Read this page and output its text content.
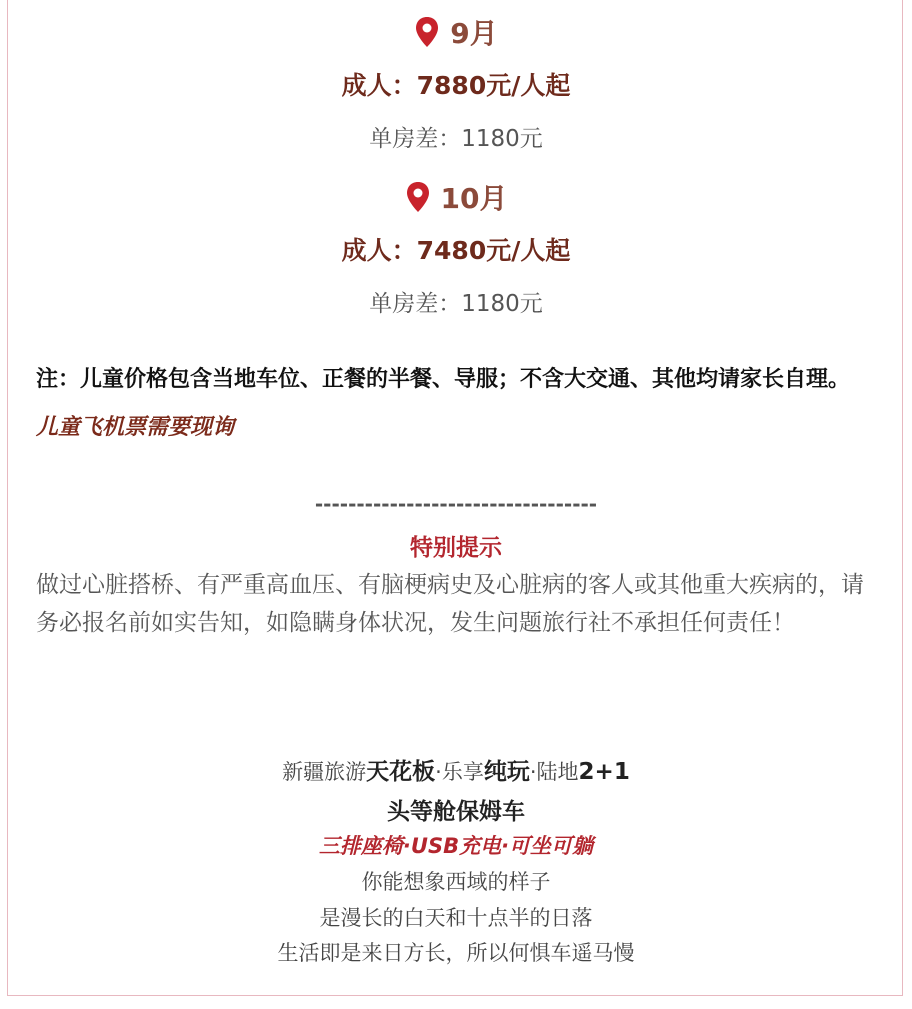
9月
成人：7880元/人起
单房差：1180元
10月
成人：7480元/人起
单房差：1180元
注：儿童价格包含当地车位、正餐的半餐、导服；不含大交通、其他均请家长自理。儿童飞机票需要现询
----------------------------------
特别提示
做过心脏搭桥、有严重高血压、有脑梗病史及心脏病的客人或其他重大疾病的，请务必报名前如实告知，如隐瞒身体状况，发生问题旅行社不承担任何责任！
新疆旅游天花板·乐享纯玩·陆地2+1
头等舱保姆车
三排座椅·USB充电·可坐可躺
你能想象西域的样子
是漫长的白天和十点半的日落
生活即是来日方长，所以何惧车遥马慢
